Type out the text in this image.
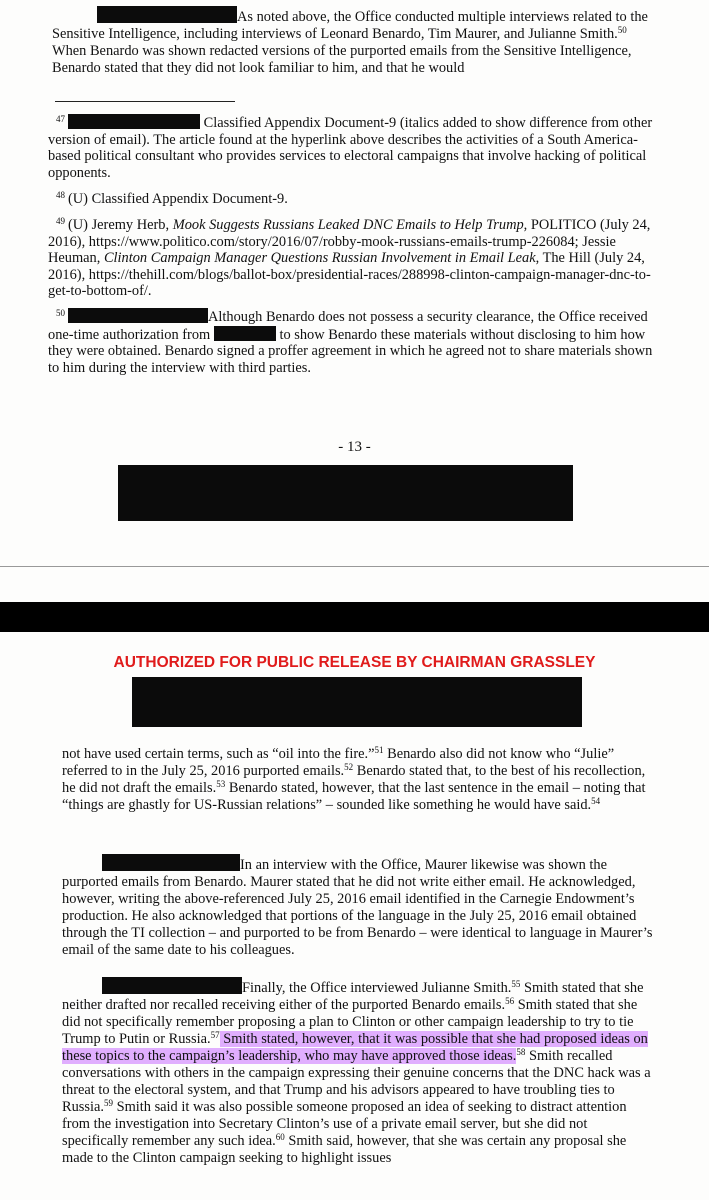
As noted above, the Office conducted multiple interviews related to the Sensitive Intelligence, including interviews of Leonard Benardo, Tim Maurer, and Julianne Smith.$^{50}$ When Benardo was shown redacted versions of the purported emails from the Sensitive Intelligence, Benardo stated that they did not look familiar to him, and that he would

$^{47}$	Classified Appendix Document-9 (italics added to show difference from other version of email). The article found at the hyperlink above describes the activities of a South America-based political consultant who provides services to electoral campaigns that involve hacking of political opponents.

$^{48}$ (U) Classified Appendix Document-9.

$^{49}$ (U) Jeremy Herb, Mook Suggests Russians Leaked DNC Emails to Help Trump, POLITICO (July 24, 2016), https://www.politico.com/story/2016/07/robby-mook-russians-emails-trump-226084; Jessie Heuman, Clinton Campaign Manager Questions Russian Involvement in Email Leak, The Hill (July 24, 2016), https://thehill.com/blogs/ballot-box/presidential-races/288998-clinton-campaign-manager-dnc-to-get-to-bottom-of/.

$^{50}$	Although Benardo does not possess a security clearance, the Office received one-time authorization from	to show Benardo these materials without disclosing to him how they were obtained. Benardo signed a proffer agreement in which he agreed not to share materials shown to him during the interview with third parties.

- 13 -
AUTHORIZED FOR PUBLIC RELEASE BY CHAIRMAN GRASSLEY

not have used certain terms, such as “oil into the fire.”$^{51}$ Benardo also did not know who “Julie” referred to in the July 25, 2016 purported emails.$^{52}$ Benardo stated that, to the best of his recollection, he did not draft the emails.$^{53}$ Benardo stated, however, that the last sentence in the email – noting that “things are ghastly for US-Russian relations” – sounded like something he would have said.$^{54}$

In an interview with the Office, Maurer likewise was shown the purported emails from Benardo. Maurer stated that he did not write either email. He acknowledged, however, writing the above-referenced July 25, 2016 email identified in the Carnegie Endowment’s production. He also acknowledged that portions of the language in the July 25, 2016 email obtained through the TI collection – and purported to be from Benardo – were identical to language in Maurer’s email of the same date to his colleagues.

Finally, the Office interviewed Julianne Smith.$^{55}$ Smith stated that she neither drafted nor recalled receiving either of the purported Benardo emails.$^{56}$ Smith stated that she did not specifically remember proposing a plan to Clinton or other campaign leadership to try to tie Trump to Putin or Russia.$^{57}$ Smith stated, however, that it was possible that she had proposed ideas on these topics to the campaign’s leadership, who may have approved those ideas.$^{58}$ Smith recalled conversations with others in the campaign expressing their genuine concerns that the DNC hack was a threat to the electoral system, and that Trump and his advisors appeared to have troubling ties to Russia.$^{59}$ Smith said it was also possible someone proposed an idea of seeking to distract attention from the investigation into Secretary Clinton’s use of a private email server, but she did not specifically remember any such idea.$^{60}$ Smith said, however, that she was certain any proposal she made to the Clinton campaign seeking to highlight issues
